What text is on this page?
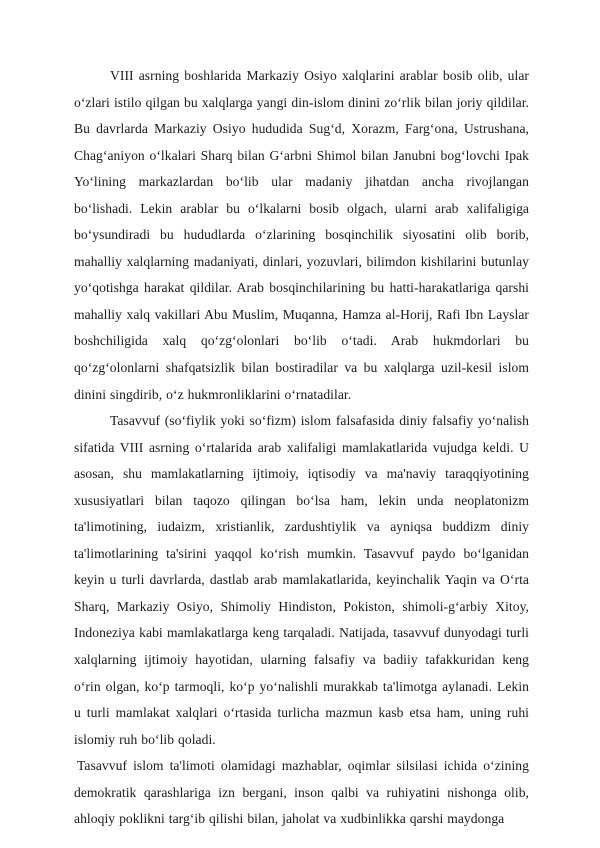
VIII asrning boshlarida Markaziy Osiyo xalqlarini arablar bosib olib, ular o‘zlari istilo qilgan bu xalqlarga yangi din-islom dinini zo‘rlik bilan joriy qildilar. Bu davrlarda Markaziy Osiyo hududida Sug‘d, Xorazm, Farg‘ona, Ustrushana, Chag‘aniyon o‘lkalari Sharq bilan G‘arbni Shimol bilan Janubni bog‘lovchi Ipak Yo‘lining markazlardan bo‘lib ular madaniy jihatdan ancha rivojlangan bo‘lishadi. Lekin arablar bu o‘lkalarni bosib olgach, ularni arab xalifaligiga bo‘ysundiradi bu hududlarda o‘zlarining bosqinchilik siyosatini olib borib, mahalliy xalqlarning madaniyati, dinlari, yozuvlari, bilimdon kishilarini butunlay yo‘qotishga harakat qildilar. Arab bosqinchilarining bu hatti-harakatlariga qarshi mahalliy xalq vakillari Abu Muslim, Muqanna, Hamza al-Horij, Rafi Ibn Layslar boshchiligida xalq qo‘zg‘olonlari bo‘lib o‘tadi. Arab hukmdorlari bu qo‘zg‘olonlarni shafqatsizlik bilan bostiradilar va bu xalqlarga uzil-kesil islom dinini singdirib, o‘z hukmronliklarini o‘rnatadilar.

Tasavvuf (so‘fiylik yoki so‘fizm) islom falsafasida diniy falsafiy yo‘nalish sifatida VIII asrning o‘rtalarida arab xalifaligi mamlakatlarida vujudga keldi. U asosan, shu mamlakatlarning ijtimoiy, iqtisodiy va ma'naviy taraqqiyotining xususiyatlari bilan taqozo qilingan bo‘lsa ham, lekin unda neoplatonizm ta'limotining, iudaizm, xristianlik, zardushtiylik va ayniqsa buddizm diniy ta'limotlarining ta'sirini yaqqol ko‘rish mumkin. Tasavvuf paydo bo‘lganidan keyin u turli davrlarda, dastlab arab mamlakatlarida, keyinchalik Yaqin va O‘rta Sharq, Markaziy Osiyo, Shimoliy Hindiston, Pokiston, shimoli-g‘arbiy Xitoy, Indoneziya kabi mamlakatlarga keng tarqaladi. Natijada, tasavvuf dunyodagi turli xalqlarning ijtimoiy hayotidan, ularning falsafiy va badiiy tafakkuridan keng o‘rin olgan, ko‘p tarmoqli, ko‘p yo‘nalishli murakkab ta'limotga aylanadi. Lekin u turli mamlakat xalqlari o‘rtasida turlicha mazmun kasb etsa ham, uning ruhi islomiy ruh bo‘lib qoladi.

Tasavvuf islom ta'limoti olamidagi mazhablar, oqimlar silsilasi ichida o‘zining demokratik qarashlariga izn bergani, inson qalbi va ruhiyatini nishonga olib, ahloqiy poklikni targ‘ib qilishi bilan, jaholat va xudbinlikka qarshi maydonga
